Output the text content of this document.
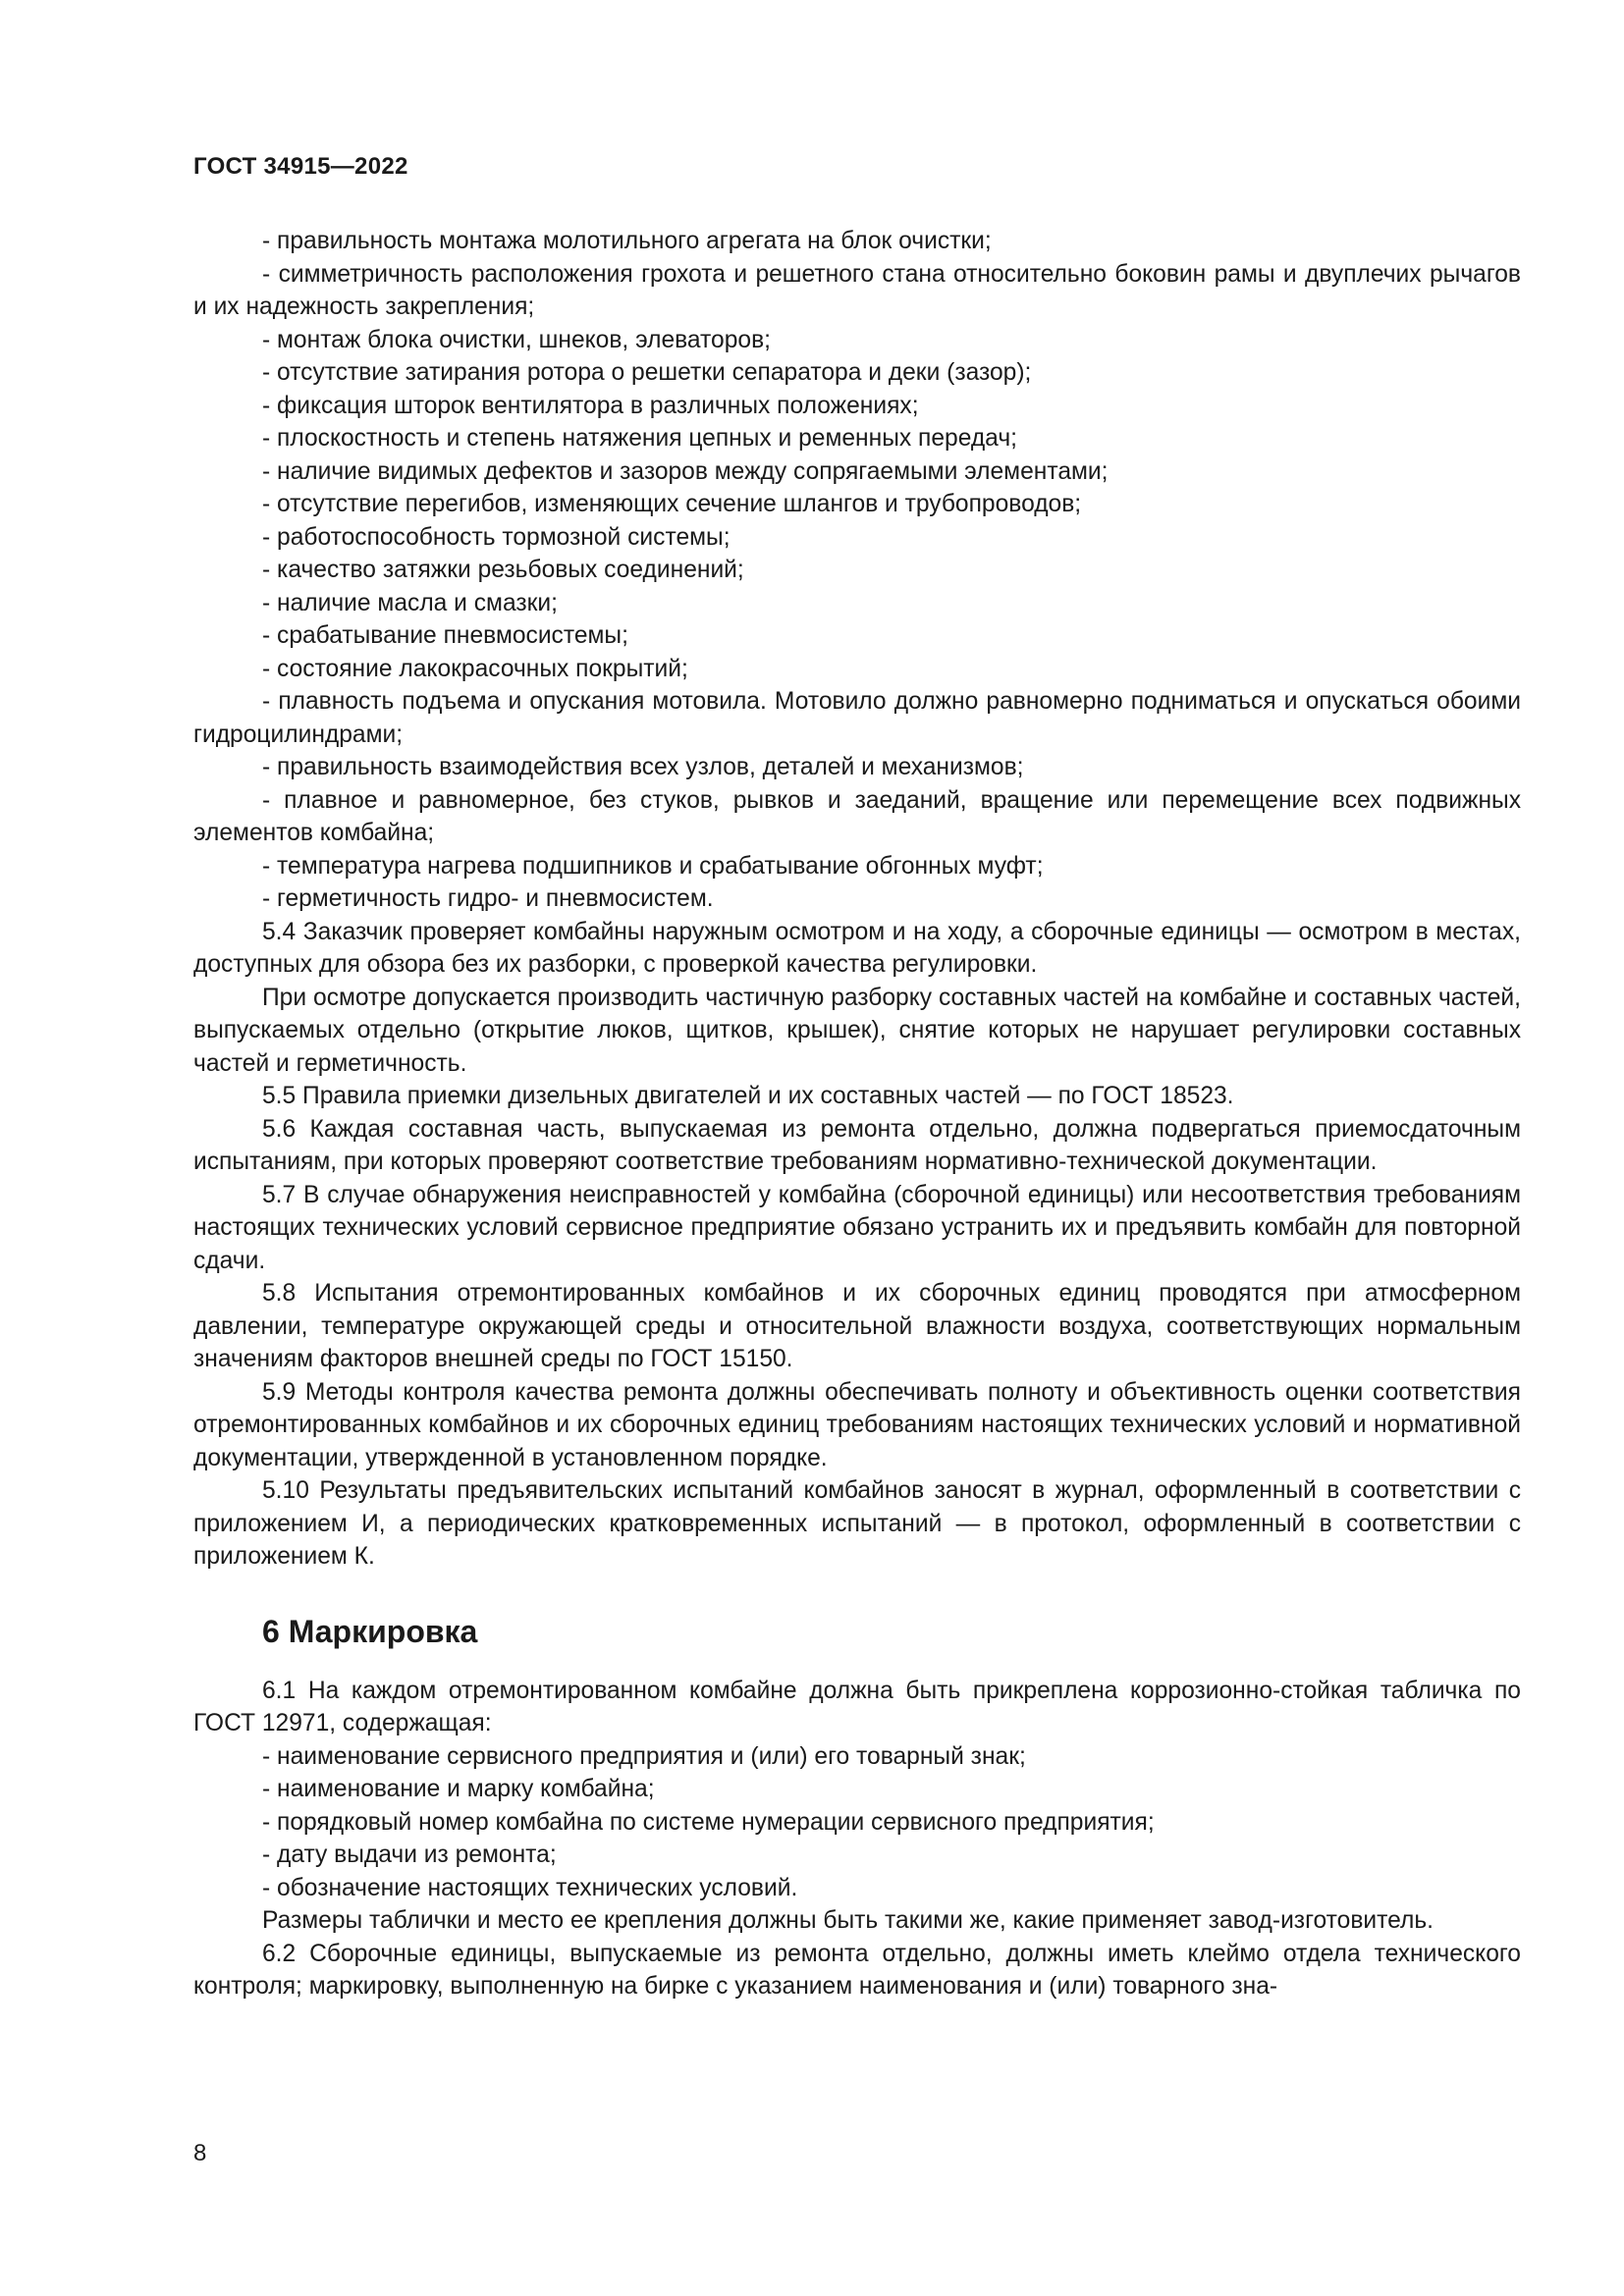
ГОСТ 34915—2022

- правильность монтажа молотильного агрегата на блок очистки;

- симметричность расположения грохота и решетного стана относительно боковин рамы и двуплечих рычагов и их надежность закрепления;

- монтаж блока очистки, шнеков, элеваторов;

- отсутствие затирания ротора о решетки сепаратора и деки (зазор);

- фиксация шторок вентилятора в различных положениях;

- плоскостность и степень натяжения цепных и ременных передач;

- наличие видимых дефектов и зазоров между сопрягаемыми элементами;

- отсутствие перегибов, изменяющих сечение шлангов и трубопроводов;

- работоспособность тормозной системы;

- качество затяжки резьбовых соединений;

- наличие масла и смазки;

- срабатывание пневмосистемы;

- состояние лакокрасочных покрытий;

- плавность подъема и опускания мотовила. Мотовило должно равномерно подниматься и опускаться обоими гидроцилиндрами;

- правильность взаимодействия всех узлов, деталей и механизмов;

- плавное и равномерное, без стуков, рывков и заеданий, вращение или перемещение всех подвижных элементов комбайна;

- температура нагрева подшипников и срабатывание обгонных муфт;

- герметичность гидро- и пневмосистем.

5.4 Заказчик проверяет комбайны наружным осмотром и на ходу, а сборочные единицы — осмотром в местах, доступных для обзора без их разборки, с проверкой качества регулировки.

При осмотре допускается производить частичную разборку составных частей на комбайне и составных частей, выпускаемых отдельно (открытие люков, щитков, крышек), снятие которых не нарушает регулировки составных частей и герметичность.

5.5 Правила приемки дизельных двигателей и их составных частей — по ГОСТ 18523.

5.6 Каждая составная часть, выпускаемая из ремонта отдельно, должна подвергаться приемосдаточным испытаниям, при которых проверяют соответствие требованиям нормативно-технической документации.

5.7 В случае обнаружения неисправностей у комбайна (сборочной единицы) или несоответствия требованиям настоящих технических условий сервисное предприятие обязано устранить их и предъявить комбайн для повторной сдачи.

5.8 Испытания отремонтированных комбайнов и их сборочных единиц проводятся при атмосферном давлении, температуре окружающей среды и относительной влажности воздуха, соответствующих нормальным значениям факторов внешней среды по ГОСТ 15150.

5.9 Методы контроля качества ремонта должны обеспечивать полноту и объективность оценки соответствия отремонтированных комбайнов и их сборочных единиц требованиям настоящих технических условий и нормативной документации, утвержденной в установленном порядке.

5.10 Результаты предъявительских испытаний комбайнов заносят в журнал, оформленный в соответствии с приложением И, а периодических кратковременных испытаний — в протокол, оформленный в соответствии с приложением К.

6 Маркировка

6.1 На каждом отремонтированном комбайне должна быть прикреплена коррозионно-стойкая табличка по ГОСТ 12971, содержащая:

- наименование сервисного предприятия и (или) его товарный знак;

- наименование и марку комбайна;

- порядковый номер комбайна по системе нумерации сервисного предприятия;

- дату выдачи из ремонта;

- обозначение настоящих технических условий.

Размеры таблички и место ее крепления должны быть такими же, какие применяет завод-изготовитель.

6.2 Сборочные единицы, выпускаемые из ремонта отдельно, должны иметь клеймо отдела технического контроля; маркировку, выполненную на бирке с указанием наименования и (или) товарного зна-

8
